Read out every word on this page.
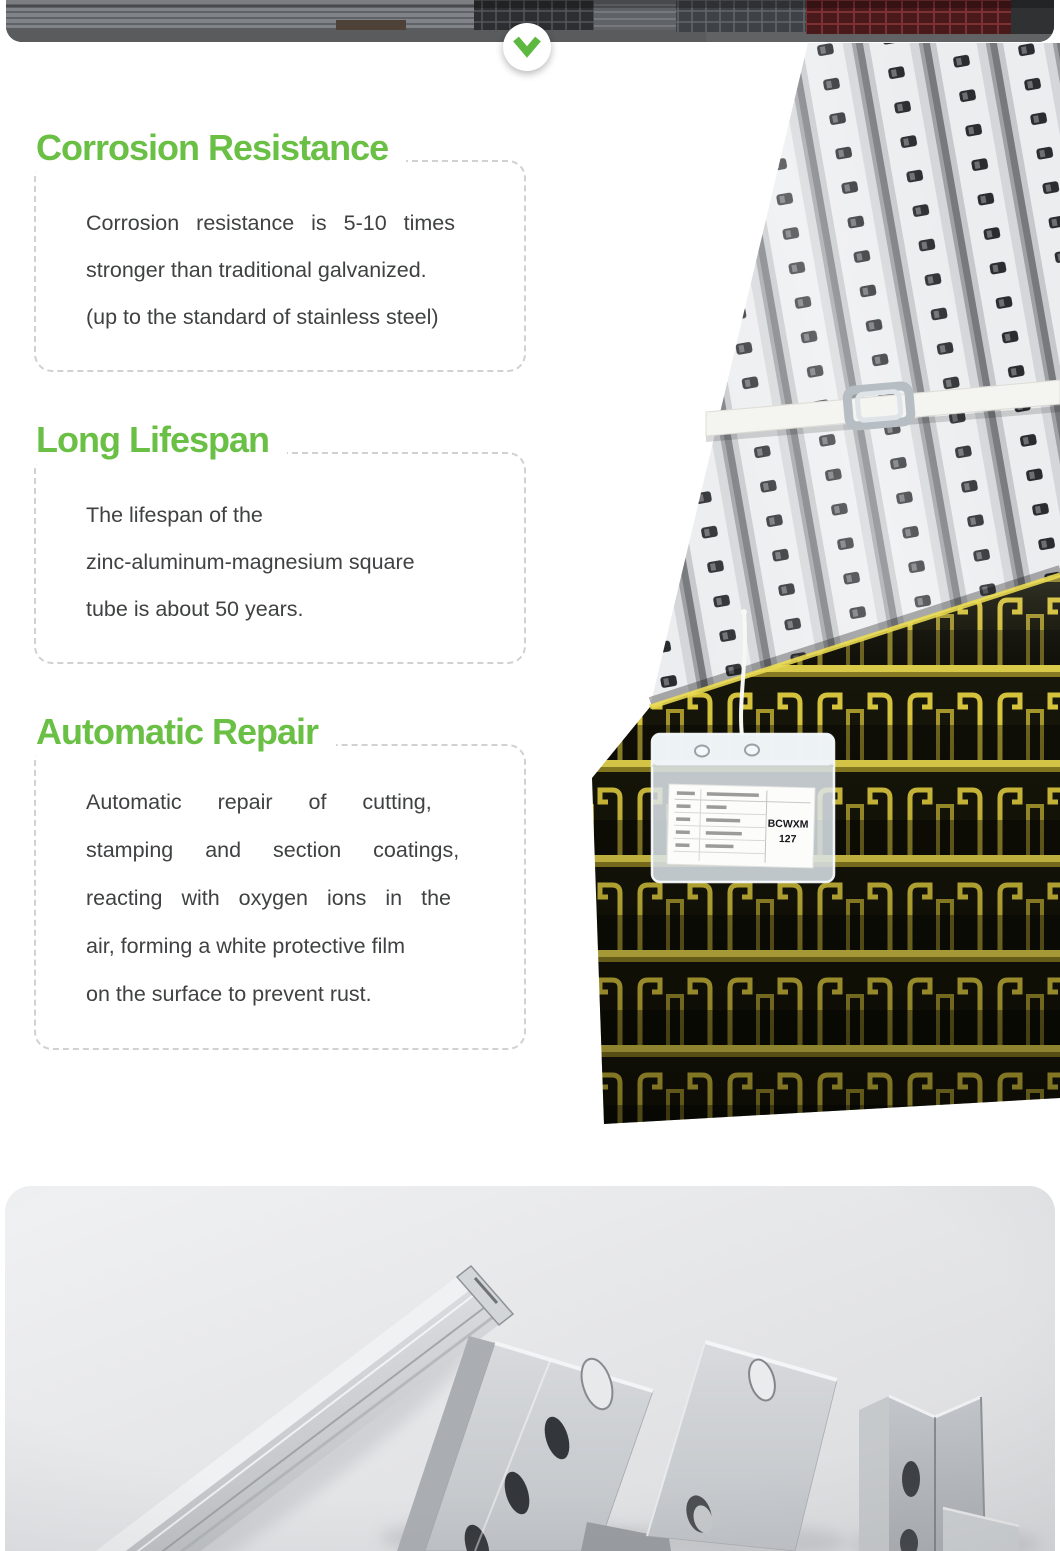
BCWXM
127
Corrosion Resistance
Corrosion resistance is 5-10 times
stronger than traditional galvanized.
(up to the standard of stainless steel)
Long Lifespan
The lifespan of the
zinc-aluminum-magnesium square
tube is about 50 years.
Automatic Repair
Automatic repair of cutting,
stamping and section coatings,
reacting with oxygen ions in the
air, forming a white protective film
on the surface to prevent rust.
